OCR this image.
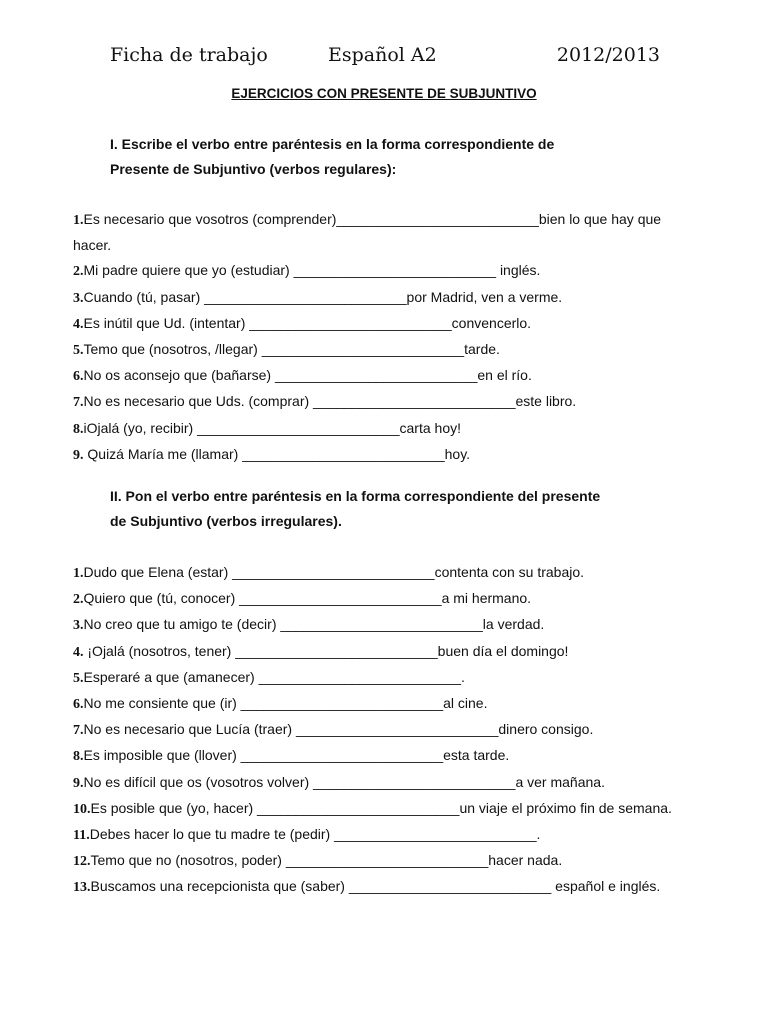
Ficha de trabajo	Español A2	2012/2013
EJERCICIOS CON PRESENTE DE SUBJUNTIVO
I. Escribe el verbo entre paréntesis en la forma correspondiente de
Presente de Subjuntivo (verbos regulares):
1.Es necesario que vosotros (comprender)__________________________bien lo que hay que hacer.
2.Mi padre quiere que yo (estudiar) __________________________ inglés.
3.Cuando (tú, pasar) __________________________por Madrid, ven a verme.
4.Es inútil que Ud. (intentar) __________________________convencerlo.
5.Temo que (nosotros, /llegar) __________________________tarde.
6.No os aconsejo que (bañarse) __________________________en el río.
7.No es necesario que Uds. (comprar) __________________________este libro.
8.iOjalá (yo, recibir) __________________________carta hoy!
9. Quizá María me (llamar) __________________________hoy.
II. Pon el verbo entre paréntesis en la forma correspondiente del presente
de Subjuntivo (verbos irregulares).
1.Dudo que Elena (estar) __________________________contenta con su trabajo.
2.Quiero que (tú, conocer) __________________________a mi hermano.
3.No creo que tu amigo te (decir) __________________________la verdad.
4. ¡Ojalá (nosotros, tener) __________________________buen día el domingo!
5.Esperaré a que (amanecer) __________________________.
6.No me consiente que (ir) __________________________al cine.
7.No es necesario que Lucía (traer) __________________________dinero consigo.
8.Es imposible que (llover) __________________________esta tarde.
9.No es difícil que os (vosotros volver) __________________________a ver mañana.
10.Es posible que (yo, hacer) __________________________un viaje el próximo fin de semana.
11.Debes hacer lo que tu madre te (pedir) __________________________.
12.Temo que no (nosotros, poder) __________________________hacer nada.
13.Buscamos una recepcionista que (saber) __________________________ español e inglés.
